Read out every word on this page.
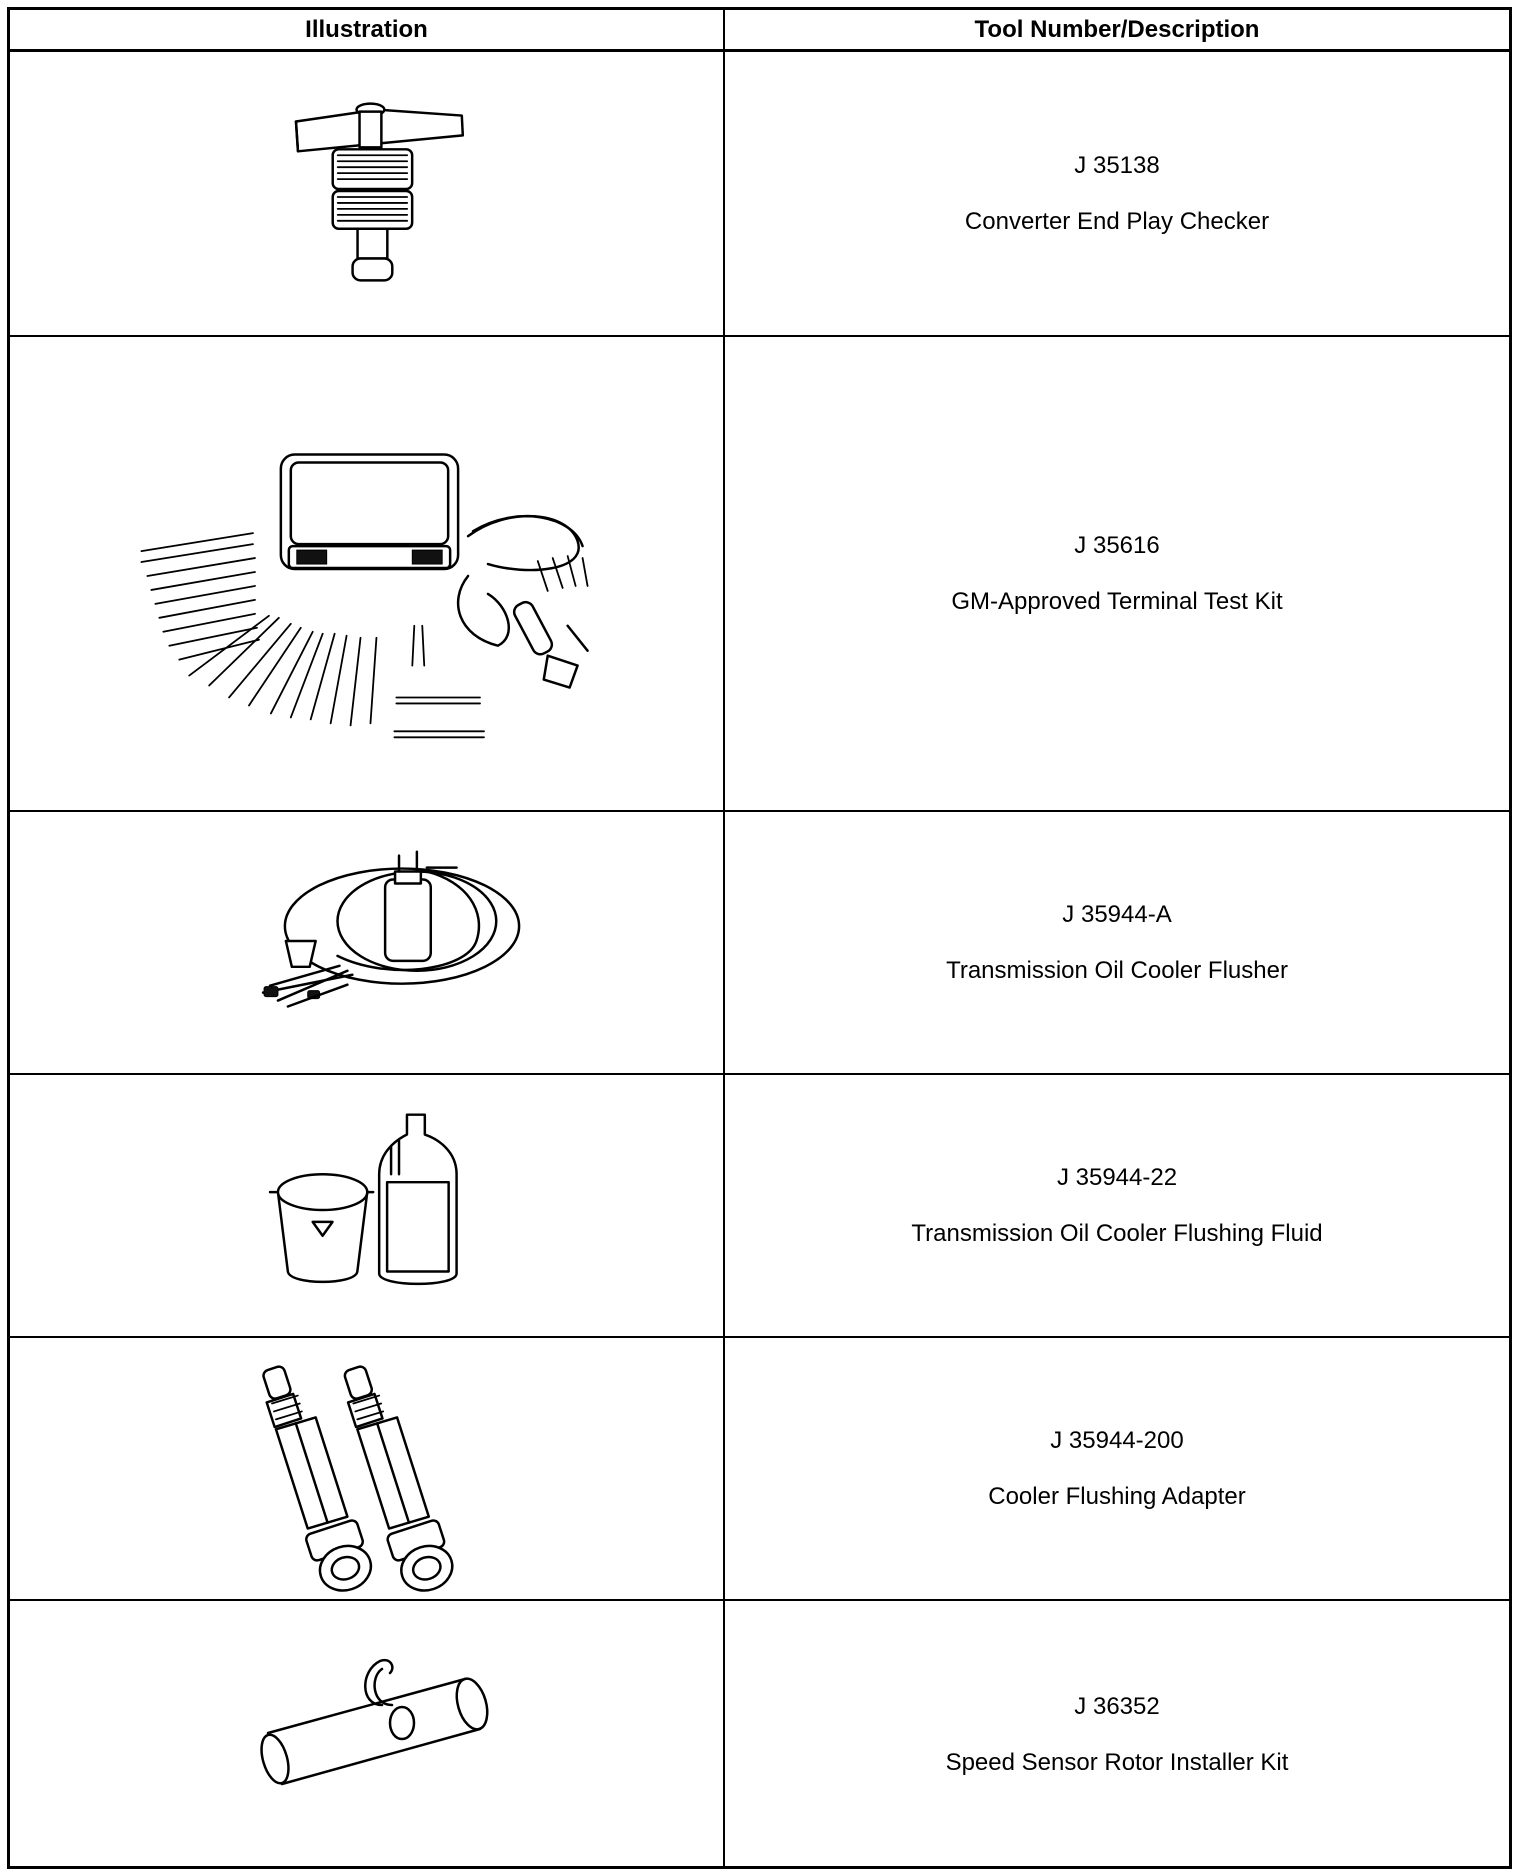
Illustration	Tool Number/Description
J 35138
Converter End Play Checker
J 35616
GM-Approved Terminal Test Kit
J 35944-A
Transmission Oil Cooler Flusher
J 35944-22
Transmission Oil Cooler Flushing Fluid
J 35944-200
Cooler Flushing Adapter
J 36352
Speed Sensor Rotor Installer Kit
